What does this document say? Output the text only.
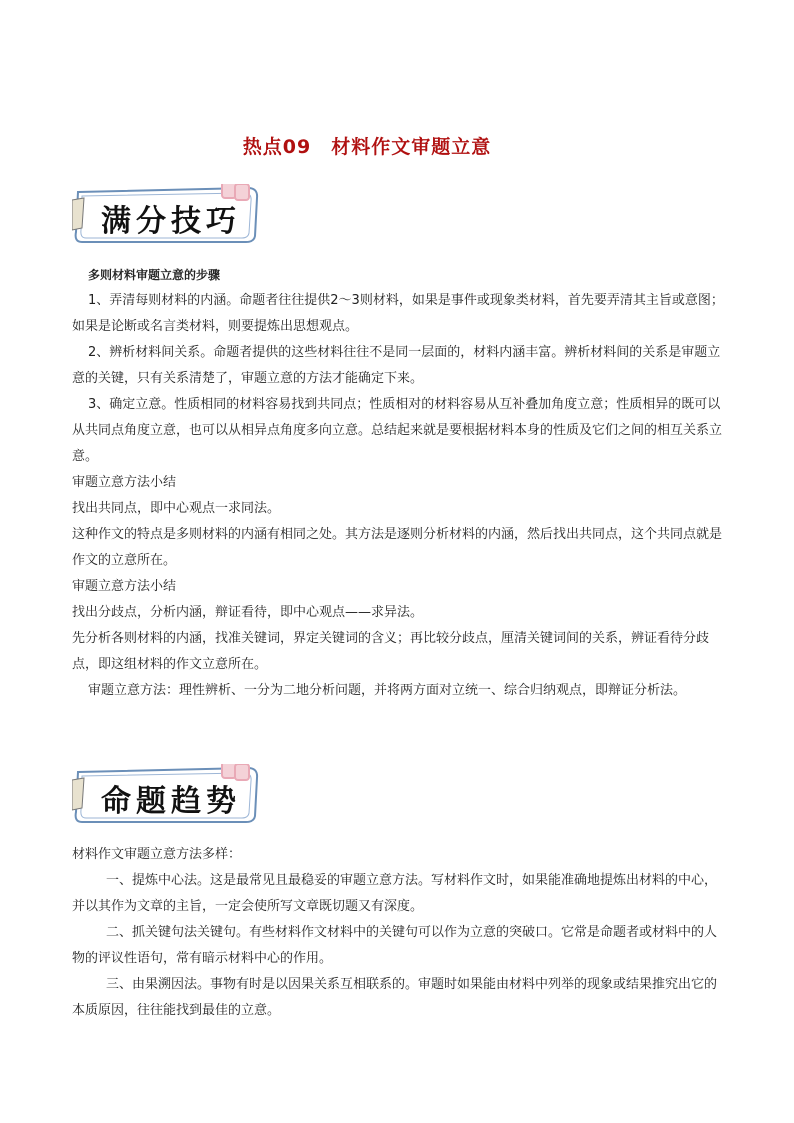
热点09　材料作文审题立意
满分技巧

多则材料审题立意的步骤

1、弄清每则材料的内涵。命题者往往提供2～3则材料，如果是事件或现象类材料，首先要弄清其主旨或意图；如果是论断或名言类材料，则要提炼出思想观点。

2、辨析材料间关系。命题者提供的这些材料往往不是同一层面的，材料内涵丰富。辨析材料间的关系是审题立意的关键，只有关系清楚了，审题立意的方法才能确定下来。

3、确定立意。性质相同的材料容易找到共同点；性质相对的材料容易从互补叠加角度立意；性质相异的既可以从共同点角度立意，也可以从相异点角度多向立意。总结起来就是要根据材料本身的性质及它们之间的相互关系立意。

审题立意方法小结

找出共同点，即中心观点一求同法。

这种作文的特点是多则材料的内涵有相同之处。其方法是逐则分析材料的内涵，然后找出共同点，这个共同点就是作文的立意所在。

审题立意方法小结

找出分歧点，分析内涵，辩证看待，即中心观点——求异法。

先分析各则材料的内涵，找准关键词，界定关键词的含义；再比较分歧点，厘清关键词间的关系，辨证看待分歧点，即这组材料的作文立意所在。

审题立意方法：理性辨析、一分为二地分析问题，并将两方面对立统一、综合归纳观点，即辩证分析法。

命题趋势

材料作文审题立意方法多样：

一、提炼中心法。这是最常见且最稳妥的审题立意方法。写材料作文时，如果能准确地提炼出材料的中心，并以其作为文章的主旨，一定会使所写文章既切题又有深度。

二、抓关键句法关键句。有些材料作文材料中的关键句可以作为立意的突破口。它常是命题者或材料中的人物的评议性语句，常有暗示材料中心的作用。

三、由果溯因法。事物有时是以因果关系互相联系的。审题时如果能由材料中列举的现象或结果推究出它的本质原因，往往能找到最佳的立意。
